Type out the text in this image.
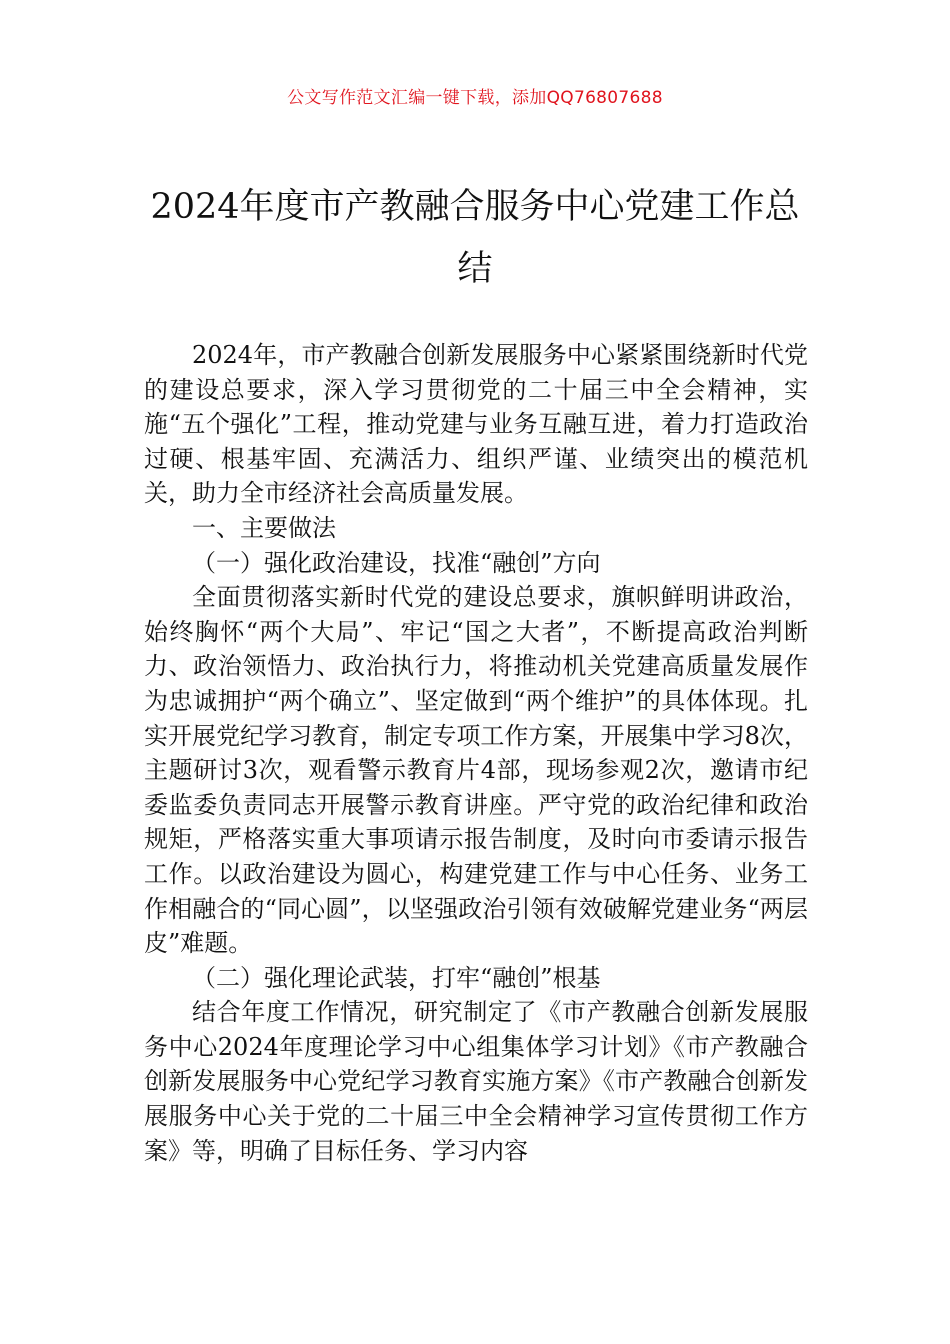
公文写作范文汇编一键下载，添加QQ76807688
2024年度市产教融合服务中心党建工作总结

2024年，市产教融合创新发展服务中心紧紧围绕新时代党的建设总要求，深入学习贯彻党的二十届三中全会精神，实施“五个强化”工程，推动党建与业务互融互进，着力打造政治过硬、根基牢固、充满活力、组织严谨、业绩突出的模范机关，助力全市经济社会高质量发展。

一、主要做法

（一）强化政治建设，找准“融创”方向

全面贯彻落实新时代党的建设总要求，旗帜鲜明讲政治，始终胸怀“两个大局”、牢记“国之大者”，不断提高政治判断力、政治领悟力、政治执行力，将推动机关党建高质量发展作为忠诚拥护“两个确立”、坚定做到“两个维护”的具体体现。扎实开展党纪学习教育，制定专项工作方案，开展集中学习8次，主题研讨3次，观看警示教育片4部，现场参观2次，邀请市纪委监委负责同志开展警示教育讲座。严守党的政治纪律和政治规矩，严格落实重大事项请示报告制度，及时向市委请示报告工作。以政治建设为圆心，构建党建工作与中心任务、业务工作相融合的“同心圆”，以坚强政治引领有效破解党建业务“两层皮”难题。

（二）强化理论武装，打牢“融创”根基

结合年度工作情况，研究制定了《市产教融合创新发展服务中心2024年度理论学习中心组集体学习计划》《市产教融合创新发展服务中心党纪学习教育实施方案》《市产教融合创新发展服务中心关于党的二十届三中全会精神学习宣传贯彻工作方案》等，明确了目标任务、学习内容
